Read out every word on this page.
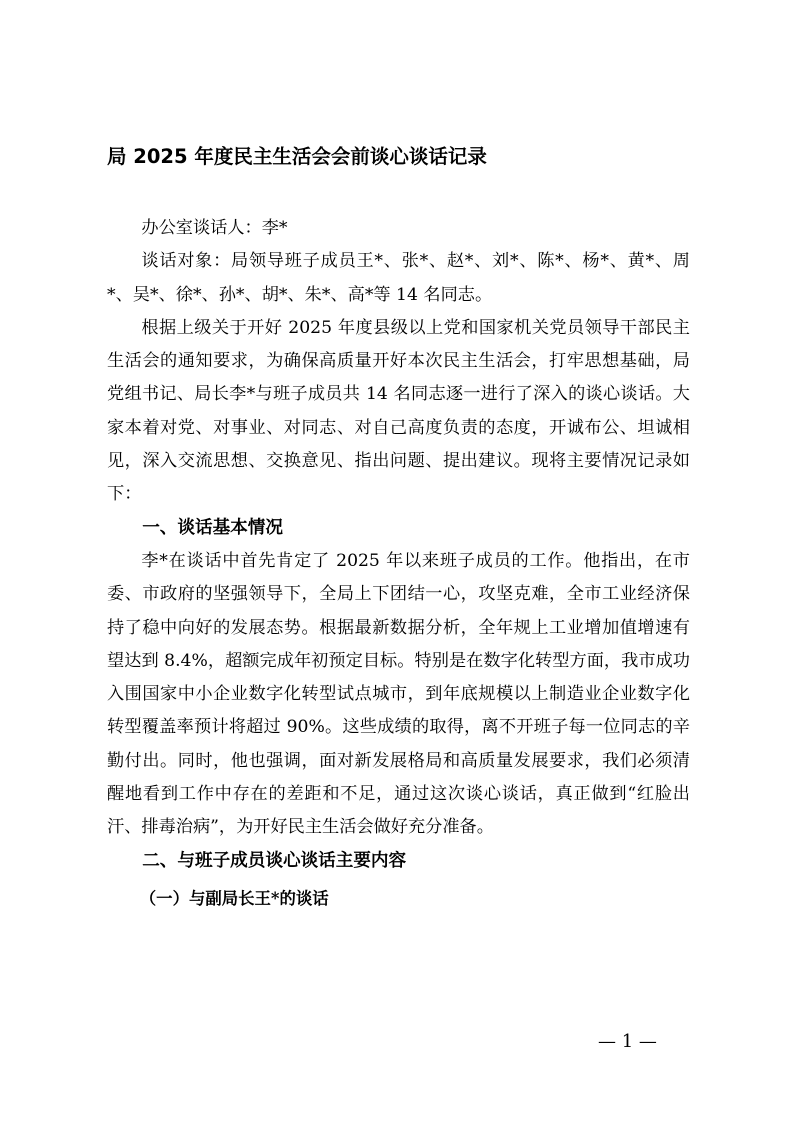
局 2025 年度民主生活会会前谈心谈话记录

办公室谈话人：李*

谈话对象：局领导班子成员王*、张*、赵*、刘*、陈*、杨*、黄*、周*、吴*、徐*、孙*、胡*、朱*、高*等 14 名同志。

根据上级关于开好 2025 年度县级以上党和国家机关党员领导干部民主生活会的通知要求，为确保高质量开好本次民主生活会，打牢思想基础，局党组书记、局长李*与班子成员共 14 名同志逐一进行了深入的谈心谈话。大家本着对党、对事业、对同志、对自己高度负责的态度，开诚布公、坦诚相见，深入交流思想、交换意见、指出问题、提出建议。现将主要情况记录如下：

一、谈话基本情况

李*在谈话中首先肯定了 2025 年以来班子成员的工作。他指出，在市委、市政府的坚强领导下，全局上下团结一心，攻坚克难，全市工业经济保持了稳中向好的发展态势。根据最新数据分析，全年规上工业增加值增速有望达到 8.4%，超额完成年初预定目标。特别是在数字化转型方面，我市成功入围国家中小企业数字化转型试点城市，到年底规模以上制造业企业数字化转型覆盖率预计将超过 90%。这些成绩的取得，离不开班子每一位同志的辛勤付出。同时，他也强调，面对新发展格局和高质量发展要求，我们必须清醒地看到工作中存在的差距和不足，通过这次谈心谈话，真正做到“红脸出汗、排毒治病”，为开好民主生活会做好充分准备。

二、与班子成员谈心谈话主要内容
（一）与副局长王*的谈话
— 1 —
